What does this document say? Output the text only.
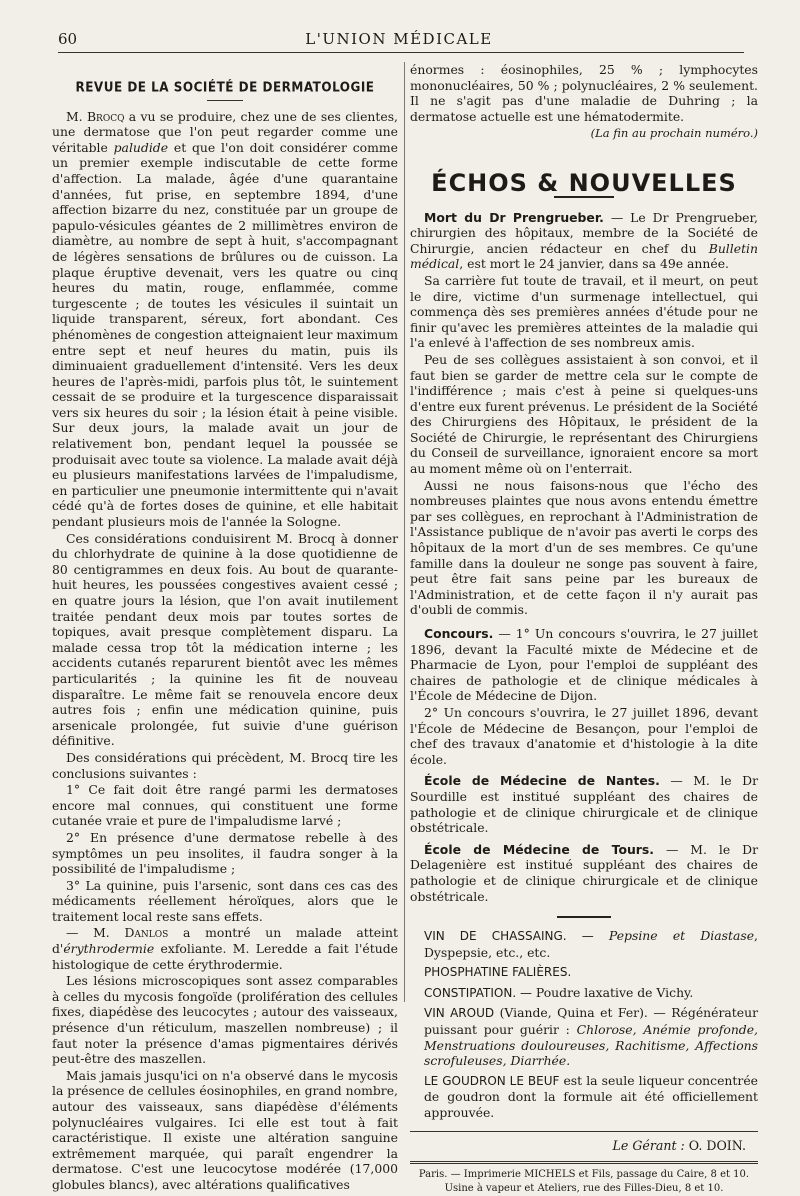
60	L'UNION MÉDICALE
REVUE DE LA SOCIÉTÉ DE DERMATOLOGIE

M. Brocq a vu se produire, chez une de ses clientes, une dermatose que l'on peut regarder comme une véritable paludide et que l'on doit considérer comme un premier exemple indiscutable de cette forme d'affection. La malade, âgée d'une quarantaine d'années, fut prise, en septembre 1894, d'une affection bizarre du nez, constituée par un groupe de papulo-vésicules géantes de 2 millimètres environ de diamètre, au nombre de sept à huit, s'accompagnant de légères sensations de brûlures ou de cuisson. La plaque éruptive devenait, vers les quatre ou cinq heures du matin, rouge, enflammée, comme turgescente ; de toutes les vésicules il suintait un liquide transparent, séreux, fort abondant. Ces phénomènes de congestion atteignaient leur maximum entre sept et neuf heures du matin, puis ils diminuaient graduellement d'intensité. Vers les deux heures de l'après-midi, parfois plus tôt, le suintement cessait de se produire et la turgescence disparaissait vers six heures du soir ; la lésion était à peine visible. Sur deux jours, la malade avait un jour de relativement bon, pendant lequel la poussée se produisait avec toute sa violence. La malade avait déjà eu plusieurs manifestations larvées de l'impaludisme, en particulier une pneumonie intermittente qui n'avait cédé qu'à de fortes doses de quinine, et elle habitait pendant plusieurs mois de l'année la Sologne.

Ces considérations conduisirent M. Brocq à donner du chlorhydrate de quinine à la dose quotidienne de 80 centigrammes en deux fois. Au bout de quarante-huit heures, les poussées congestives avaient cessé ; en quatre jours la lésion, que l'on avait inutilement traitée pendant deux mois par toutes sortes de topiques, avait presque complètement disparu. La malade cessa trop tôt la médication interne ; les accidents cutanés reparurent bientôt avec les mêmes particularités ; la quinine les fit de nouveau disparaître. Le même fait se renouvela encore deux autres fois ; enfin une médication quinine, puis arsenicale prolongée, fut suivie d'une guérison définitive.

Des considérations qui précèdent, M. Brocq tire les conclusions suivantes :

1° Ce fait doit être rangé parmi les dermatoses encore mal connues, qui constituent une forme cutanée vraie et pure de l'impaludisme larvé ;

2° En présence d'une dermatose rebelle à des symptômes un peu insolites, il faudra songer à la possibilité de l'impaludisme ;

3° La quinine, puis l'arsenic, sont dans ces cas des médicaments réellement héroïques, alors que le traitement local reste sans effets.

— M. Danlos a montré un malade atteint d'érythrodermie exfoliante. M. Leredde a fait l'étude histologique de cette érythrodermie.

Les lésions microscopiques sont assez comparables à celles du mycosis fongoïde (prolifération des cellules fixes, diapédèse des leucocytes ; autour des vaisseaux, présence d'un réticulum, maszellen nombreuse) ; il faut noter la présence d'amas pigmentaires dérivés peut-être des maszellen.

Mais jamais jusqu'ici on n'a observé dans le mycosis la présence de cellules éosinophiles, en grand nombre, autour des vaisseaux, sans diapédèse d'éléments polynucléaires vulgaires. Ici elle est tout à fait caractéristique. Il existe une altération sanguine extrêmement marquée, qui paraît engendrer la dermatose. C'est une leucocytose modérée (17,000 globules blancs), avec altérations qualificatives

énormes : éosinophiles, 25 % ; lymphocytes mononucléaires, 50 % ; polynucléaires, 2 % seulement. Il ne s'agit pas d'une maladie de Duhring ; la dermatose actuelle est une hématodermite.

(La fin au prochain numéro.)
ÉCHOS & NOUVELLES

Mort du Dr Prengrueber. — Le Dr Prengrueber, chirurgien des hôpitaux, membre de la Société de Chirurgie, ancien rédacteur en chef du Bulletin médical, est mort le 24 janvier, dans sa 49e année.

Sa carrière fut toute de travail, et il meurt, on peut le dire, victime d'un surmenage intellectuel, qui commença dès ses premières années d'étude pour ne finir qu'avec les premières atteintes de la maladie qui l'a enlevé à l'affection de ses nombreux amis.

Peu de ses collègues assistaient à son convoi, et il faut bien se garder de mettre cela sur le compte de l'indifférence ; mais c'est à peine si quelques-uns d'entre eux furent prévenus. Le président de la Société des Chirurgiens des Hôpitaux, le président de la Société de Chirurgie, le représentant des Chirurgiens du Conseil de surveillance, ignoraient encore sa mort au moment même où on l'enterrait.

Aussi ne nous faisons-nous que l'écho des nombreuses plaintes que nous avons entendu émettre par ses collègues, en reprochant à l'Administration de l'Assistance publique de n'avoir pas averti le corps des hôpitaux de la mort d'un de ses membres. Ce qu'une famille dans la douleur ne songe pas souvent à faire, peut être fait sans peine par les bureaux de l'Administration, et de cette façon il n'y aurait pas d'oubli de commis.

Concours. — 1° Un concours s'ouvrira, le 27 juillet 1896, devant la Faculté mixte de Médecine et de Pharmacie de Lyon, pour l'emploi de suppléant des chaires de pathologie et de clinique médicales à l'École de Médecine de Dijon.

2° Un concours s'ouvrira, le 27 juillet 1896, devant l'École de Médecine de Besançon, pour l'emploi de chef des travaux d'anatomie et d'histologie à la dite école.

École de Médecine de Nantes. — M. le Dr Sourdille est institué suppléant des chaires de pathologie et de clinique chirurgicale et de clinique obstétricale.

École de Médecine de Tours. — M. le Dr Delagenière est institué suppléant des chaires de pathologie et de clinique chirurgicale et de clinique obstétricale.

VIN DE CHASSAING. — Pepsine et Diastase, Dyspepsie, etc., etc.

PHOSPHATINE FALIÈRES.

CONSTIPATION. — Poudre laxative de Vichy.

VIN AROUD (Viande, Quina et Fer). — Régénérateur puissant pour guérir : Chlorose, Anémie profonde, Menstruations douloureuses, Rachitisme, Affections scrofuleuses, Diarrhée.

LE GOUDRON LE BEUF est la seule liqueur concentrée de goudron dont la formule ait été officiellement approuvée.

Le Gérant : O. DOIN.

Paris. — Imprimerie MICHELS et Fils, passage du Caire, 8 et 10.

Usine à vapeur et Ateliers, rue des Filles-Dieu, 8 et 10.
